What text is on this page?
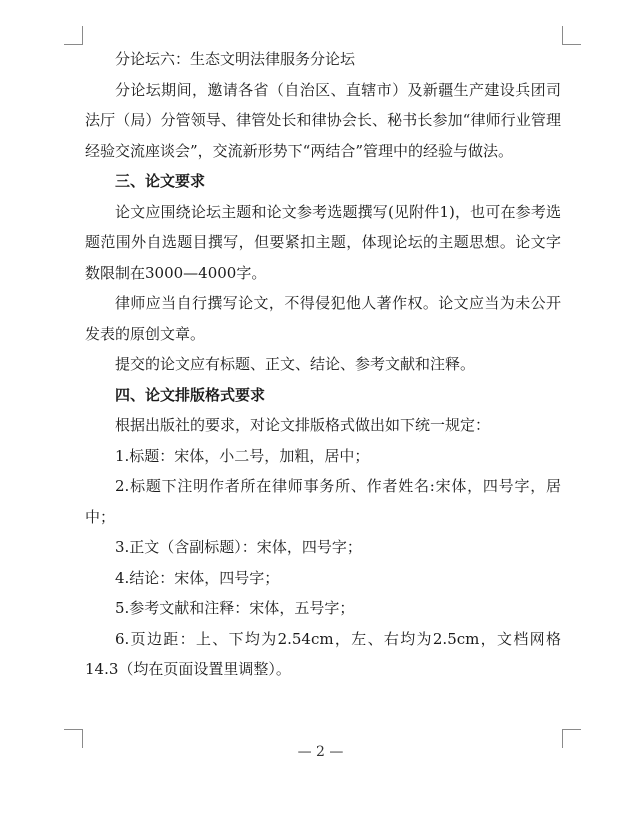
分论坛六：生态文明法律服务分论坛

分论坛期间，邀请各省（自治区、直辖市）及新疆生产建设兵团司法厅（局）分管领导、律管处长和律协会长、秘书长参加“律师行业管理经验交流座谈会”，交流新形势下“两结合”管理中的经验与做法。

三、论文要求

论文应围绕论坛主题和论文参考选题撰写(见附件1)，也可在参考选题范围外自选题目撰写，但要紧扣主题，体现论坛的主题思想。论文字数限制在3000—4000字。

律师应当自行撰写论文，不得侵犯他人著作权。论文应当为未公开发表的原创文章。

提交的论文应有标题、正文、结论、参考文献和注释。

四、论文排版格式要求

根据出版社的要求，对论文排版格式做出如下统一规定：

1.标题：宋体，小二号，加粗，居中；

2.标题下注明作者所在律师事务所、作者姓名:宋体，四号字，居中；

3.正文（含副标题）：宋体，四号字；

4.结论：宋体，四号字；

5.参考文献和注释：宋体，五号字；

6.页边距：上、下均为2.54cm，左、右均为2.5cm，文档网格14.3（均在页面设置里调整）。

— 2 —
